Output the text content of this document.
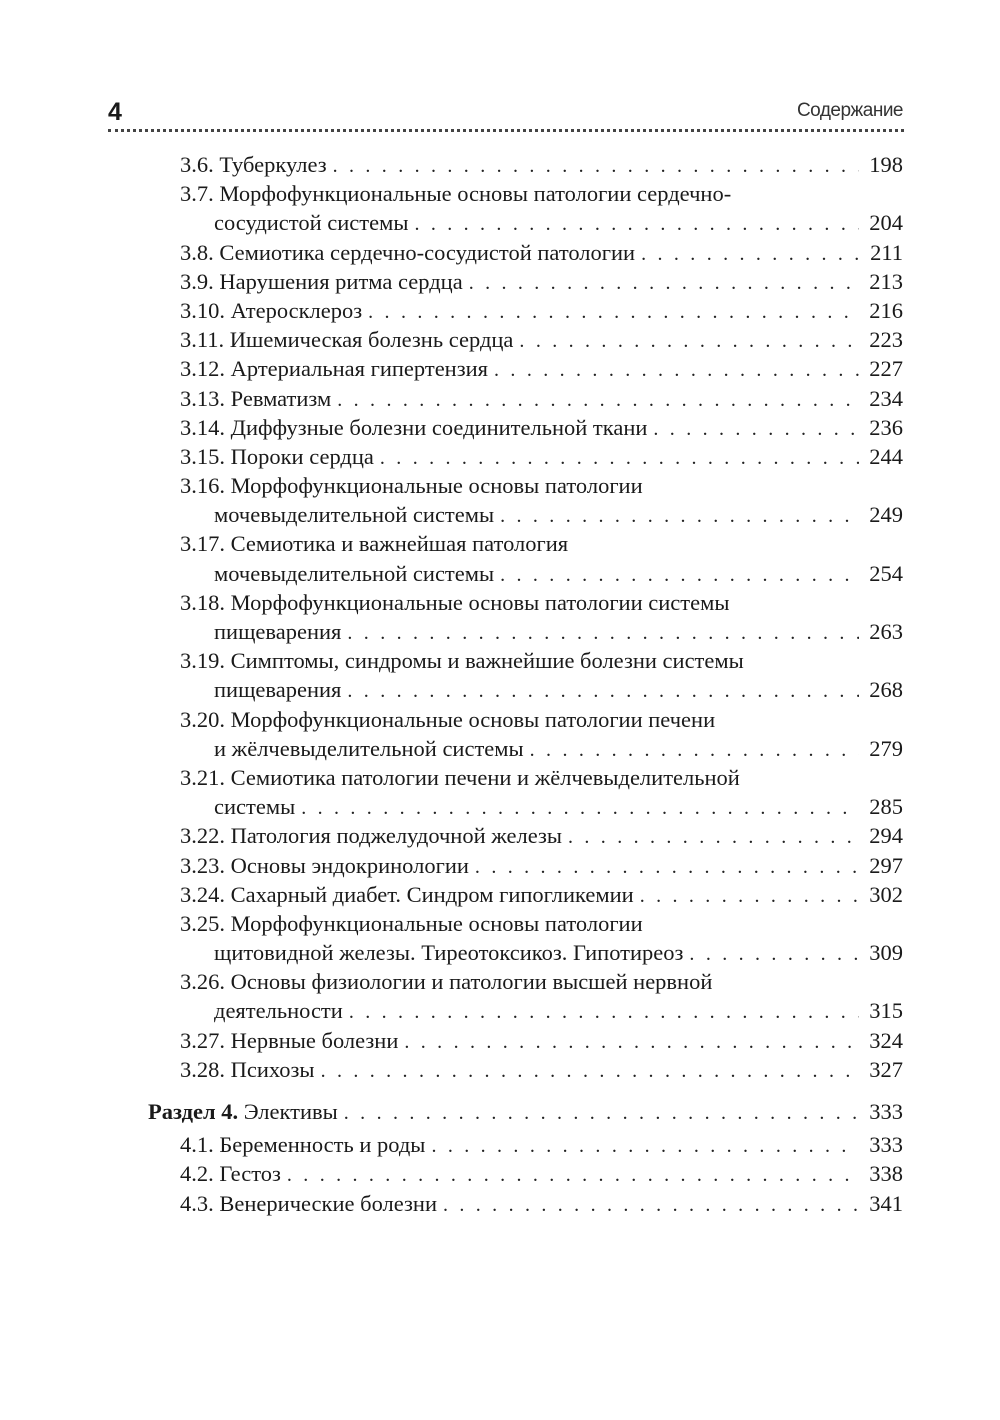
4	Содержание
3.6. Туберкулез . . .	198
3.7. Морфофункциональные основы патологии сердечно-
сосудистой системы . . .	204
3.8. Семиотика сердечно-сосудистой патологии . . .	211
3.9. Нарушения ритма сердца . . .	213
3.10. Атеросклероз . . .	216
3.11. Ишемическая болезнь сердца . . .	223
3.12. Артериальная гипертензия . . .	227
3.13. Ревматизм . . .	234
3.14. Диффузные болезни соединительной ткани . . .	236
3.15. Пороки сердца . . .	244
3.16. Морфофункциональные основы патологии
мочевыделительной системы . . .	249
3.17. Семиотика и важнейшая патология
мочевыделительной системы . . .	254
3.18. Морфофункциональные основы патологии системы
пищеварения . . .	263
3.19. Симптомы, синдромы и важнейшие болезни системы
пищеварения . . .	268
3.20. Морфофункциональные основы патологии печени
и жёлчевыделительной системы . . .	279
3.21. Семиотика патологии печени и жёлчевыделительной
системы . . .	285
3.22. Патология поджелудочной железы . . .	294
3.23. Основы эндокринологии . . .	297
3.24. Сахарный диабет. Синдром гипогликемии . . .	302
3.25. Морфофункциональные основы патологии
щитовидной железы. Тиреотоксикоз. Гипотиреоз . . .	309
3.26. Основы физиологии и патологии высшей нервной
деятельности . . .	315
3.27. Нервные болезни . . .	324
3.28. Психозы . . .	327
Раздел 4. Элективы . . .	333
4.1. Беременность и роды . . .	333
4.2. Гестоз . . .	338
4.3. Венерические болезни . . .	341
